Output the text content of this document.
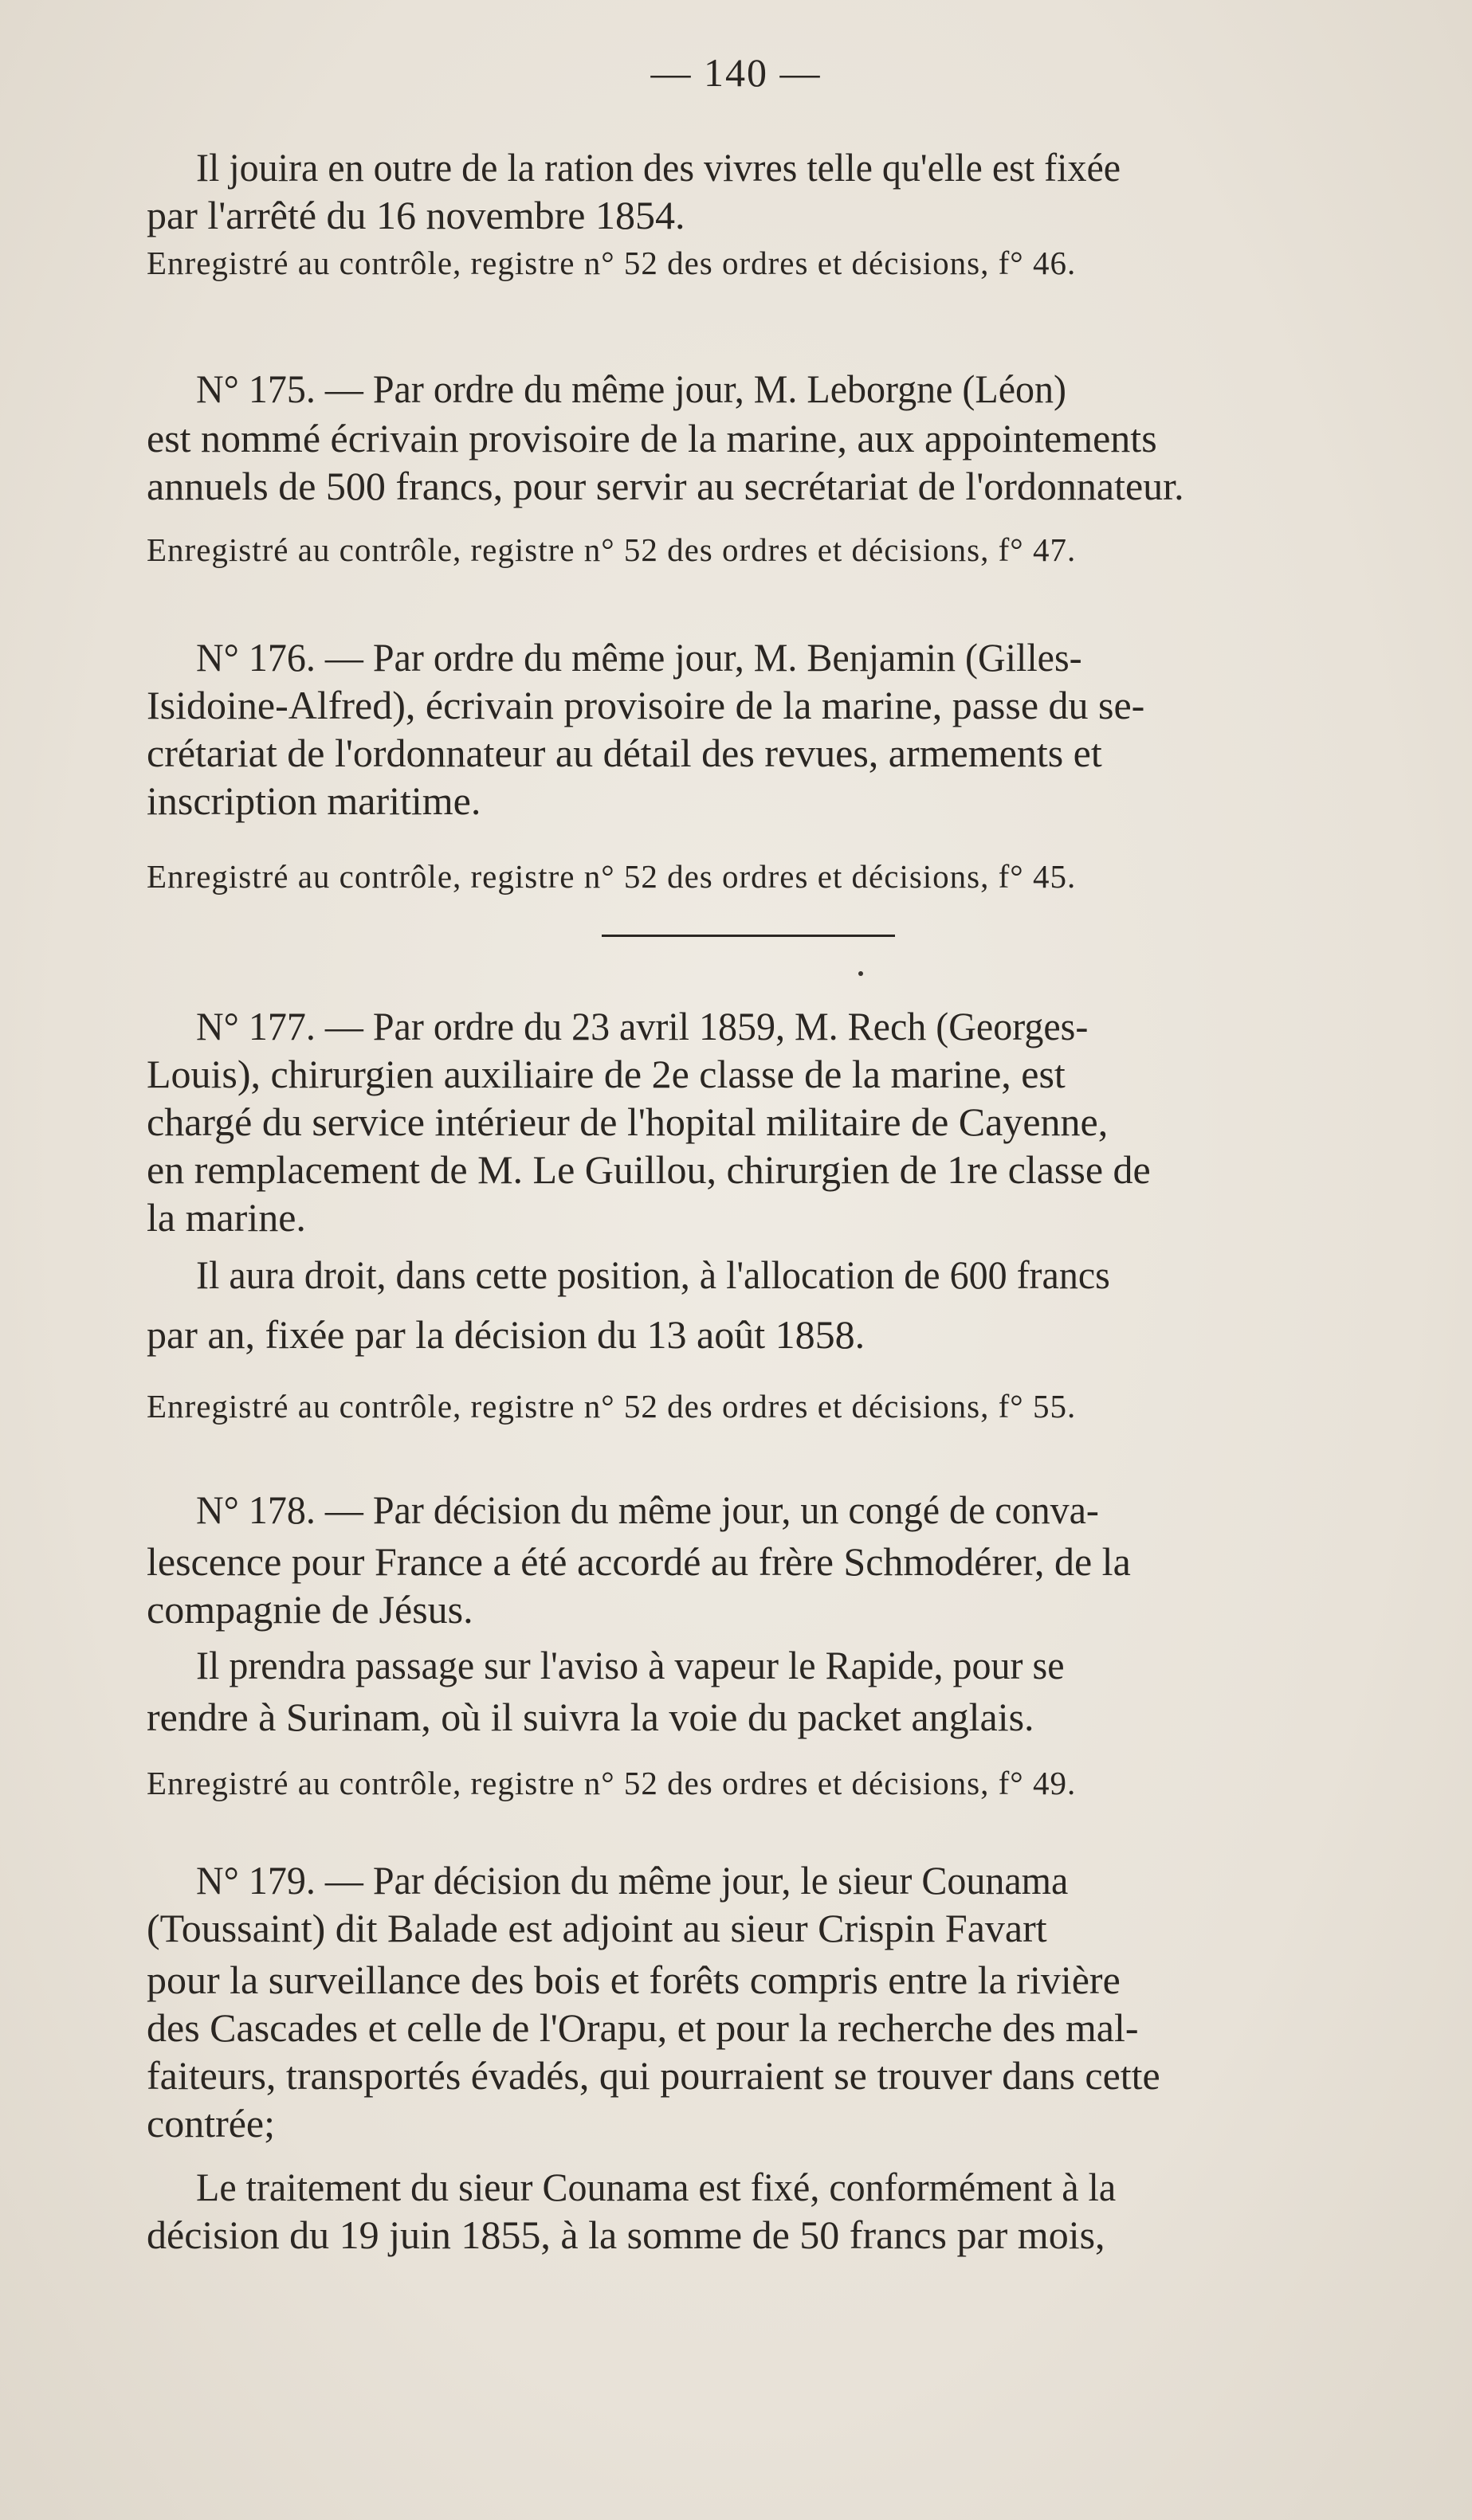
— 140 —
Il jouira en outre de la ration des vivres telle qu'elle est fixée
par l'arrêté du 16 novembre 1854.
Enregistré au contrôle, registre n° 52 des ordres et décisions, f° 46.
N° 175. — Par ordre du même jour, M. Leborgne (Léon)
est nommé écrivain provisoire de la marine, aux appointements
annuels de 500 francs, pour servir au secrétariat de l'ordonnateur.
Enregistré au contrôle, registre n° 52 des ordres et décisions, f° 47.
N° 176. — Par ordre du même jour, M. Benjamin (Gilles-
Isidoine-Alfred), écrivain provisoire de la marine, passe du se-
crétariat de l'ordonnateur au détail des revues, armements et
inscription maritime.
Enregistré au contrôle, registre n° 52 des ordres et décisions, f° 45.
N° 177. — Par ordre du 23 avril 1859, M. Rech (Georges-
Louis), chirurgien auxiliaire de 2e classe de la marine, est
chargé du service intérieur de l'hopital militaire de Cayenne,
en remplacement de M. Le Guillou, chirurgien de 1re classe de
la marine.
Il aura droit, dans cette position, à l'allocation de 600 francs
par an, fixée par la décision du 13 août 1858.
Enregistré au contrôle, registre n° 52 des ordres et décisions, f° 55.
N° 178. — Par décision du même jour, un congé de conva-
lescence pour France a été accordé au frère Schmodérer, de la
compagnie de Jésus.
Il prendra passage sur l'aviso à vapeur le Rapide, pour se
rendre à Surinam, où il suivra la voie du packet anglais.
Enregistré au contrôle, registre n° 52 des ordres et décisions, f° 49.
N° 179. — Par décision du même jour, le sieur Counama
(Toussaint) dit Balade est adjoint au sieur Crispin Favart
pour la surveillance des bois et forêts compris entre la rivière
des Cascades et celle de l'Orapu, et pour la recherche des mal-
faiteurs, transportés évadés, qui pourraient se trouver dans cette
contrée;
Le traitement du sieur Counama est fixé, conformément à la
décision du 19 juin 1855, à la somme de 50 francs par mois,
